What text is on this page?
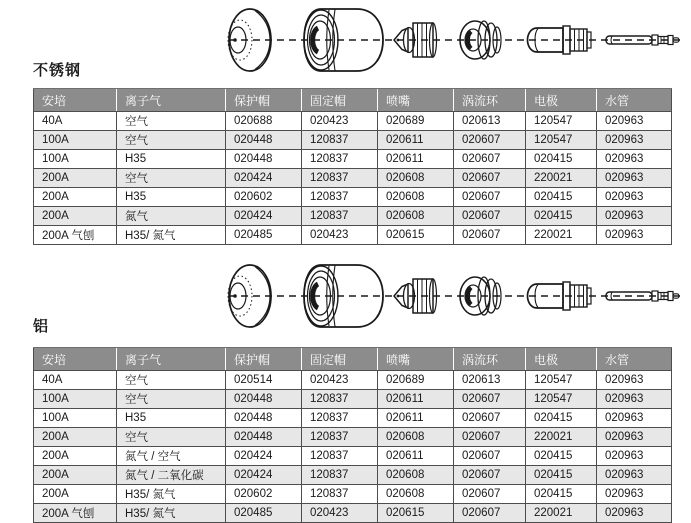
不锈钢
安培	离子气	保护帽	固定帽	喷嘴	涡流环	电极	水管
40A	空气	020688	020423	020689	020613	120547	020963
100A	空气	020448	120837	020611	020607	120547	020963
100A	H35	020448	120837	020611	020607	020415	020963
200A	空气	020424	120837	020608	020607	220021	020963
200A	H35	020602	120837	020608	020607	020415	020963
200A	氮气	020424	120837	020608	020607	020415	020963
200A 气刨	H35/ 氮气	020485	020423	020615	020607	220021	020963
铝
安培	离子气	保护帽	固定帽	喷嘴	涡流环	电极	水管
40A	空气	020514	020423	020689	020613	120547	020963
100A	空气	020448	120837	020611	020607	120547	020963
100A	H35	020448	120837	020611	020607	020415	020963
200A	空气	020448	120837	020608	020607	220021	020963
200A	氮气 / 空气	020424	120837	020611	020607	020415	020963
200A	氮气 / 二氧化碳	020424	120837	020608	020607	020415	020963
200A	H35/ 氮气	020602	120837	020608	020607	020415	020963
200A 气刨	H35/ 氮气	020485	020423	020615	020607	220021	020963
